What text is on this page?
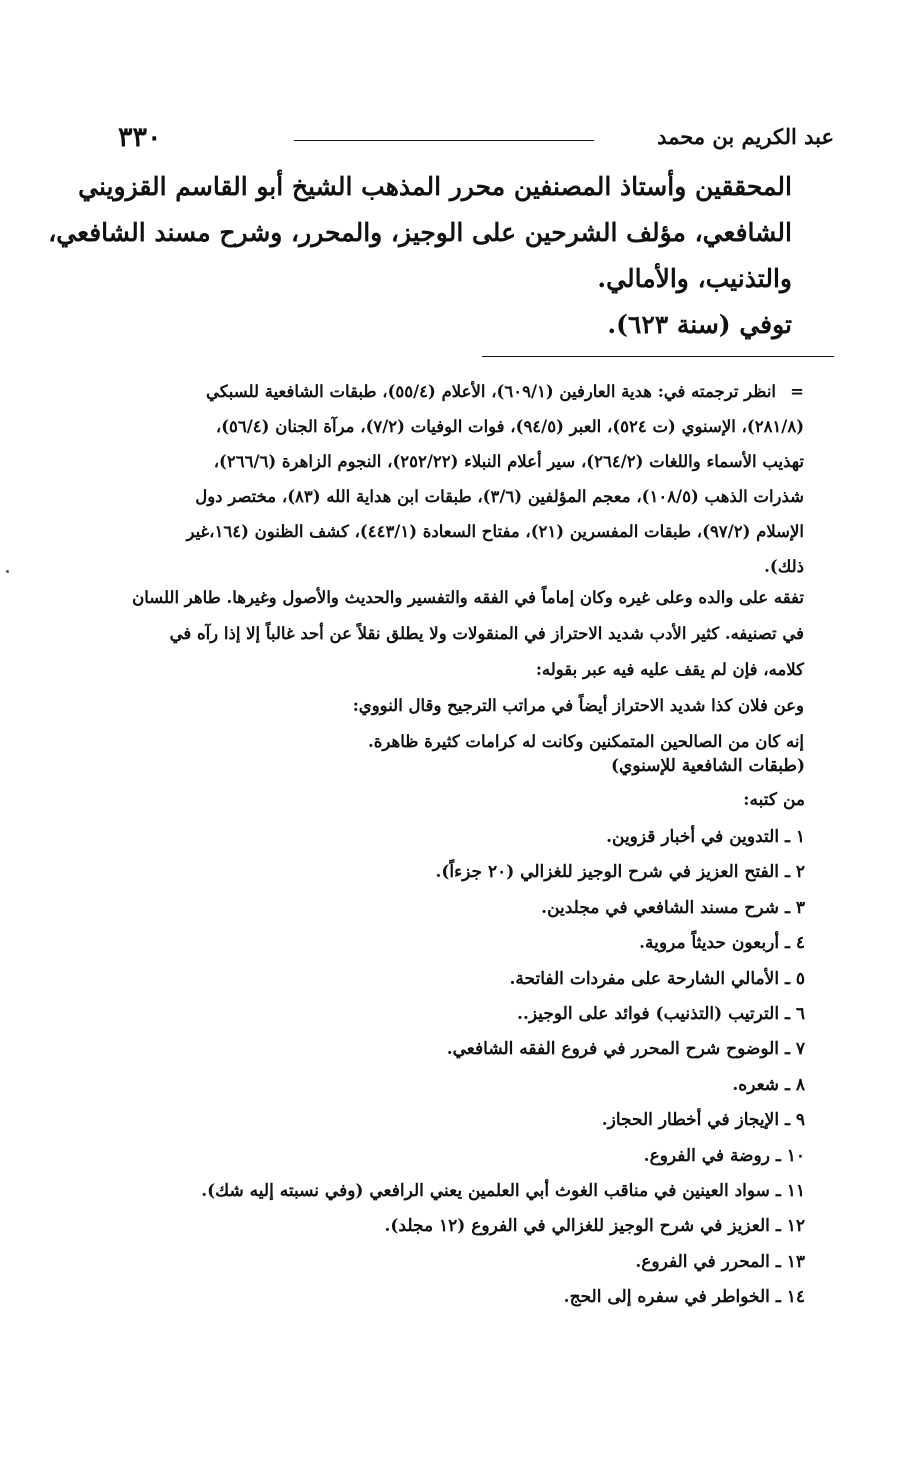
٣٣٠	عبد الكريم بن محمد
المحققين وأستاذ المصنفين محرر المذهب الشيخ أبو القاسم القزويني
الشافعي، مؤلف الشرحين على الوجيز، والمحرر، وشرح مسند الشافعي،
والتذنيب، والأمالي.
توفي (سنة ٦٢٣).
=
انظر ترجمته في: هدية العارفين (٦٠٩/١)، الأعلام (٥٥/٤)، طبقات الشافعية للسبكي
(٢٨١/٨)، الإسنوي (ت ٥٢٤)، العبر (٩٤/٥)، فوات الوفيات (٧/٢)، مرآة الجنان (٥٦/٤)،
تهذيب الأسماء واللغات (٢٦٤/٢)، سير أعلام النبلاء (٢٥٢/٢٢)، النجوم الزاهرة (٢٦٦/٦)،
شذرات الذهب (١٠٨/٥)، معجم المؤلفين (٣/٦)، طبقات ابن هداية الله (٨٣)، مختصر دول
الإسلام (٩٧/٢)، طبقات المفسرين (٢١)، مفتاح السعادة (٤٤٣/١)، كشف الظنون (١٦٤،غير
ذلك).
تفقه على والده وعلى غيره وكان إماماً في الفقه والتفسير والحديث والأصول وغيرها. طاهر اللسان
في تصنيفه. كثير الأدب شديد الاحتراز في المنقولات ولا يطلق نقلاً عن أحد غالباً إلا إذا رآه في
كلامه، فإن لم يقف عليه فيه عبر بقوله:
وعن فلان كذا شديد الاحتراز أيضاً في مراتب الترجيح وقال النووي:
إنه كان من الصالحين المتمكنين وكانت له كرامات كثيرة ظاهرة.
(طبقات الشافعية للإسنوي)
من كتبه:
١ ـ التدوين في أخبار قزوين.
٢ ـ الفتح العزيز في شرح الوجيز للغزالي (٢٠ جزءاً).
٣ ـ شرح مسند الشافعي في مجلدين.
٤ ـ أربعون حديثاً مروية.
٥ ـ الأمالي الشارحة على مفردات الفاتحة.
٦ ـ الترتيب (التذنيب) فوائد على الوجيز..
٧ ـ الوضوح شرح المحرر في فروع الفقه الشافعي.
٨ ـ شعره.
٩ ـ الإيجاز في أخطار الحجاز.
١٠ ـ روضة في الفروع.
١١ ـ سواد العينين في مناقب الغوث أبي العلمين يعني الرافعي (وفي نسبته إليه شك).
١٢ ـ العزيز في شرح الوجيز للغزالي في الفروع (١٢ مجلد).
١٣ ـ المحرر في الفروع.
١٤ ـ الخواطر في سفره إلى الحج.
